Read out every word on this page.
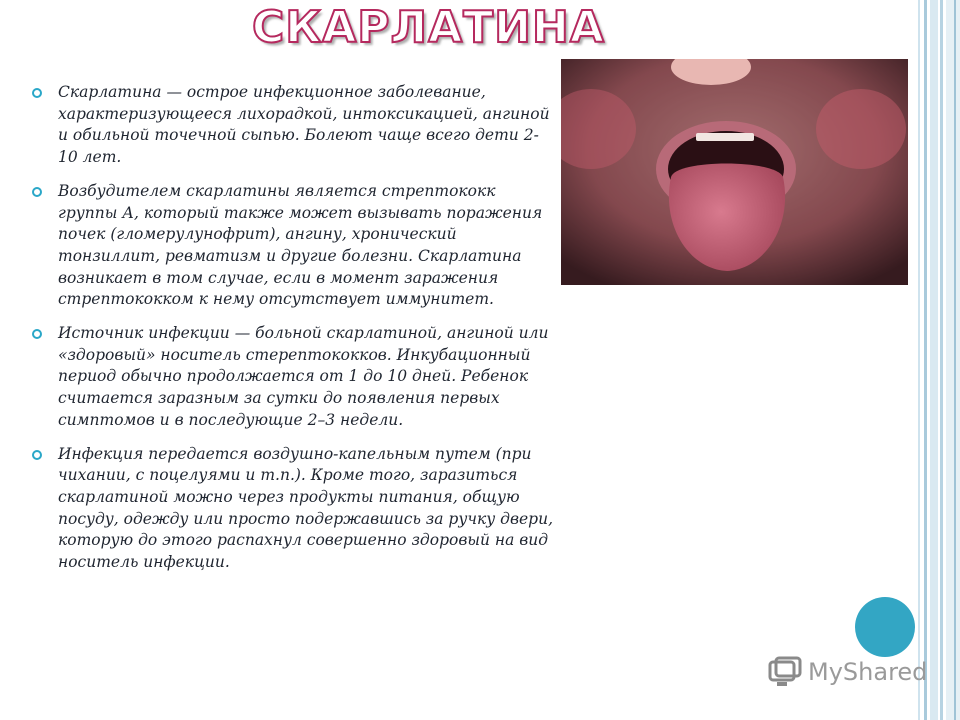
СКАРЛАТИНА
Скарлатина — острое инфекционное заболевание, характеризующееся лихорадкой, интоксикацией, ангиной и обильной точечной сыпью. Болеют чаще всего дети 2-10 лет.
Возбудителем скарлатины является стрептококк группы А, который также может вызывать поражения почек (гломерулунофрит), ангину, хронический тонзиллит, ревматизм и другие болезни. Скарлатина возникает в том случае, если в момент заражения стрептококком к нему отсутствует иммунитет.
Источник инфекции — больной скарлатиной, ангиной или «здоровый» носитель стерептококков. Инкубационный период обычно продолжается от 1 до 10 дней. Ребенок считается заразным за сутки до появления первых симптомов и в последующие 2–3 недели.
Инфекция передается воздушно-капельным путем (при чихании, с поцелуями и т.п.). Кроме того, заразиться скарлатиной можно через продукты питания, общую посуду, одежду или просто подержавшись за ручку двери, которую до этого распахнул совершенно здоровый на вид носитель инфекции.
MyShared
